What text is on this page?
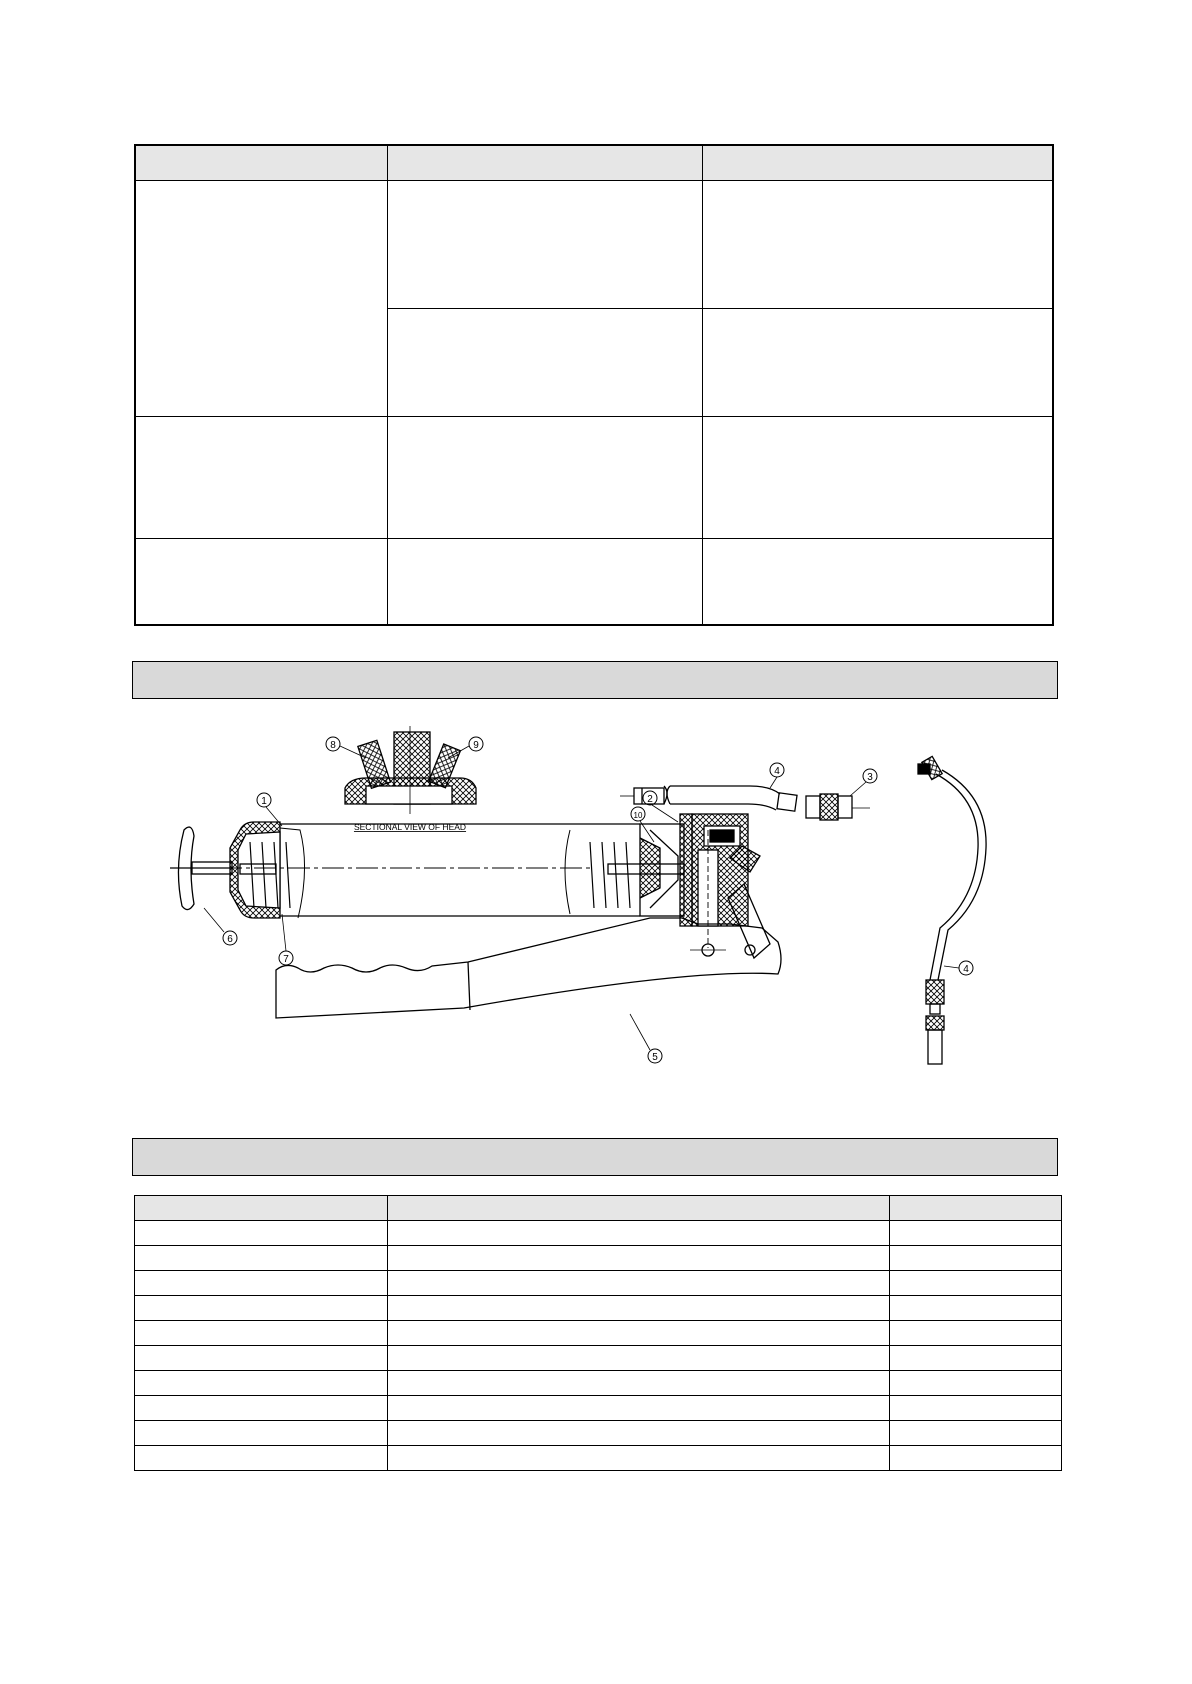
SECTIONAL VIEW OF HEAD
1	2
3
4
4
5
6
7
8	9
10
